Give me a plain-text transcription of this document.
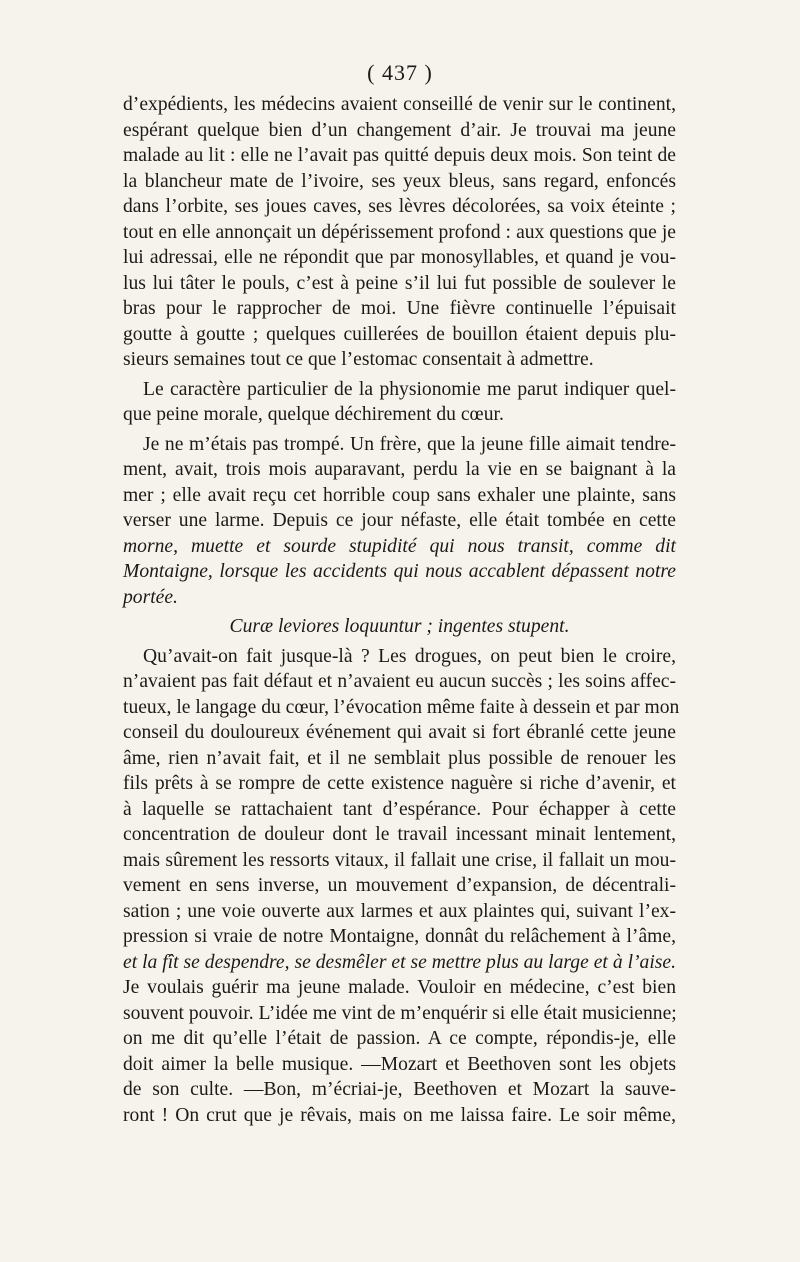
( 437 )
d’expédients, les médecins avaient conseillé de venir sur le continent,
espérant quelque bien d’un changement d’air. Je trouvai ma jeune
malade au lit : elle ne l’avait pas quitté depuis deux mois. Son teint de
la blancheur mate de l’ivoire, ses yeux bleus, sans regard, enfoncés
dans l’orbite, ses joues caves, ses lèvres décolorées, sa voix éteinte ;
tout en elle annonçait un dépérissement profond : aux questions que je
lui adressai, elle ne répondit que par monosyllables, et quand je vou-
lus lui tâter le pouls, c’est à peine s’il lui fut possible de soulever le
bras pour le rapprocher de moi. Une fièvre continuelle l’épuisait
goutte à goutte ; quelques cuillerées de bouillon étaient depuis plu-
sieurs semaines tout ce que l’estomac consentait à admettre.
Le caractère particulier de la physionomie me parut indiquer quel-
que peine morale, quelque déchirement du cœur.
Je ne m’étais pas trompé. Un frère, que la jeune fille aimait tendre-
ment, avait, trois mois auparavant, perdu la vie en se baignant à la
mer ; elle avait reçu cet horrible coup sans exhaler une plainte, sans
verser une larme. Depuis ce jour néfaste, elle était tombée en cette
morne, muette et sourde stupidité qui nous transit, comme dit
Montaigne, lorsque les accidents qui nous accablent dépassent notre
portée.
Curæ leviores loquuntur ; ingentes stupent.
Qu’avait-on fait jusque-là ? Les drogues, on peut bien le croire,
n’avaient pas fait défaut et n’avaient eu aucun succès ; les soins affec-
tueux, le langage du cœur, l’évocation même faite à dessein et par mon
conseil du douloureux événement qui avait si fort ébranlé cette jeune
âme, rien n’avait fait, et il ne semblait plus possible de renouer les
fils prêts à se rompre de cette existence naguère si riche d’avenir, et
à laquelle se rattachaient tant d’espérance. Pour échapper à cette
concentration de douleur dont le travail incessant minait lentement,
mais sûrement les ressorts vitaux, il fallait une crise, il fallait un mou-
vement en sens inverse, un mouvement d’expansion, de décentrali-
sation ; une voie ouverte aux larmes et aux plaintes qui, suivant l’ex-
pression si vraie de notre Montaigne, donnât du relâchement à l’âme,
et la fît se despendre, se desmêler et se mettre plus au large et à l’aise.
Je voulais guérir ma jeune malade. Vouloir en médecine, c’est bien
souvent pouvoir. L’idée me vint de m’enquérir si elle était musicienne;
on me dit qu’elle l’était de passion. A ce compte, répondis-je, elle
doit aimer la belle musique. —Mozart et Beethoven sont les objets
de son culte. —Bon, m’écriai-je, Beethoven et Mozart la sauve-
ront ! On crut que je rêvais, mais on me laissa faire. Le soir même,
